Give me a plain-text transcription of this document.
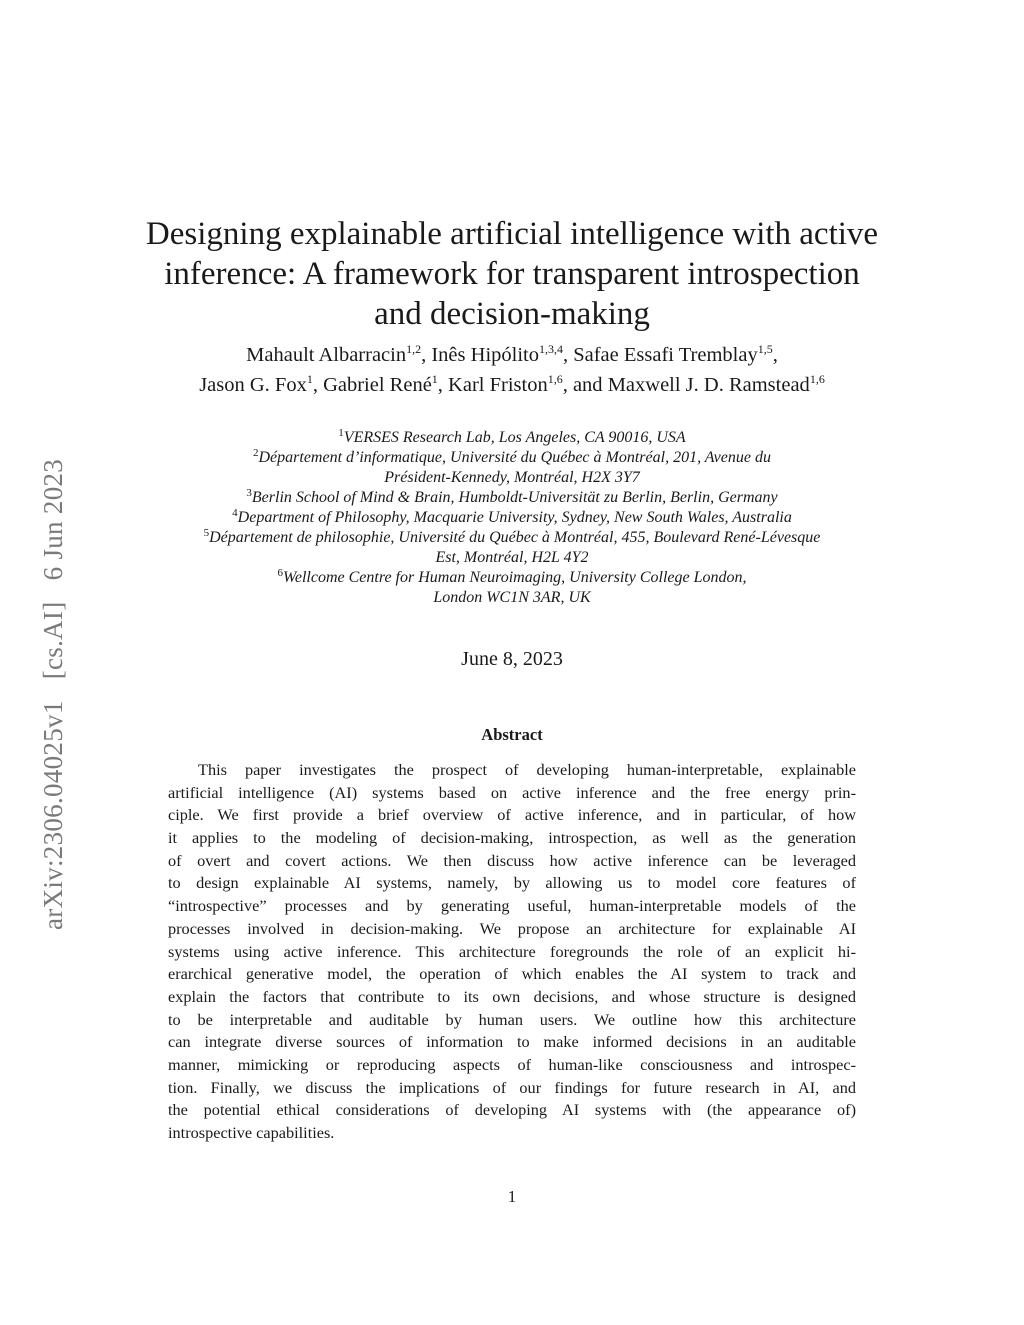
arXiv:2306.04025v1 [cs.AI] 6 Jun 2023
Designing explainable artificial intelligence with active
inference: A framework for transparent introspection
and decision-making
Mahault Albarracin$^{1,2}$, Inês Hipólito$^{1,3,4}$, Safae Essafi Tremblay$^{1,5}$,
Jason G. Fox$^1$, Gabriel René$^1$, Karl Friston$^{1,6}$, and Maxwell J. D. Ramstead$^{1,6}$
$^1$VERSES Research Lab, Los Angeles, CA 90016, USA
$^2$Département d’informatique, Université du Québec à Montréal, 201, Avenue du
Président-Kennedy, Montréal, H2X 3Y7
$^3$Berlin School of Mind & Brain, Humboldt-Universität zu Berlin, Berlin, Germany
$^4$Department of Philosophy, Macquarie University, Sydney, New South Wales, Australia
$^5$Département de philosophie, Université du Québec à Montréal, 455, Boulevard René-Lévesque
Est, Montréal, H2L 4Y2
$^6$Wellcome Centre for Human Neuroimaging, University College London,
London WC1N 3AR, UK
June 8, 2023
Abstract
This paper investigates the prospect of developing human-interpretable, explainable
artificial intelligence (AI) systems based on active inference and the free energy prin-
ciple. We first provide a brief overview of active inference, and in particular, of how
it applies to the modeling of decision-making, introspection, as well as the generation
of overt and covert actions. We then discuss how active inference can be leveraged
to design explainable AI systems, namely, by allowing us to model core features of
“introspective” processes and by generating useful, human-interpretable models of the
processes involved in decision-making. We propose an architecture for explainable AI
systems using active inference. This architecture foregrounds the role of an explicit hi-
erarchical generative model, the operation of which enables the AI system to track and
explain the factors that contribute to its own decisions, and whose structure is designed
to be interpretable and auditable by human users. We outline how this architecture
can integrate diverse sources of information to make informed decisions in an auditable
manner, mimicking or reproducing aspects of human-like consciousness and introspec-
tion. Finally, we discuss the implications of our findings for future research in AI, and
the potential ethical considerations of developing AI systems with (the appearance of)
introspective capabilities.
1
